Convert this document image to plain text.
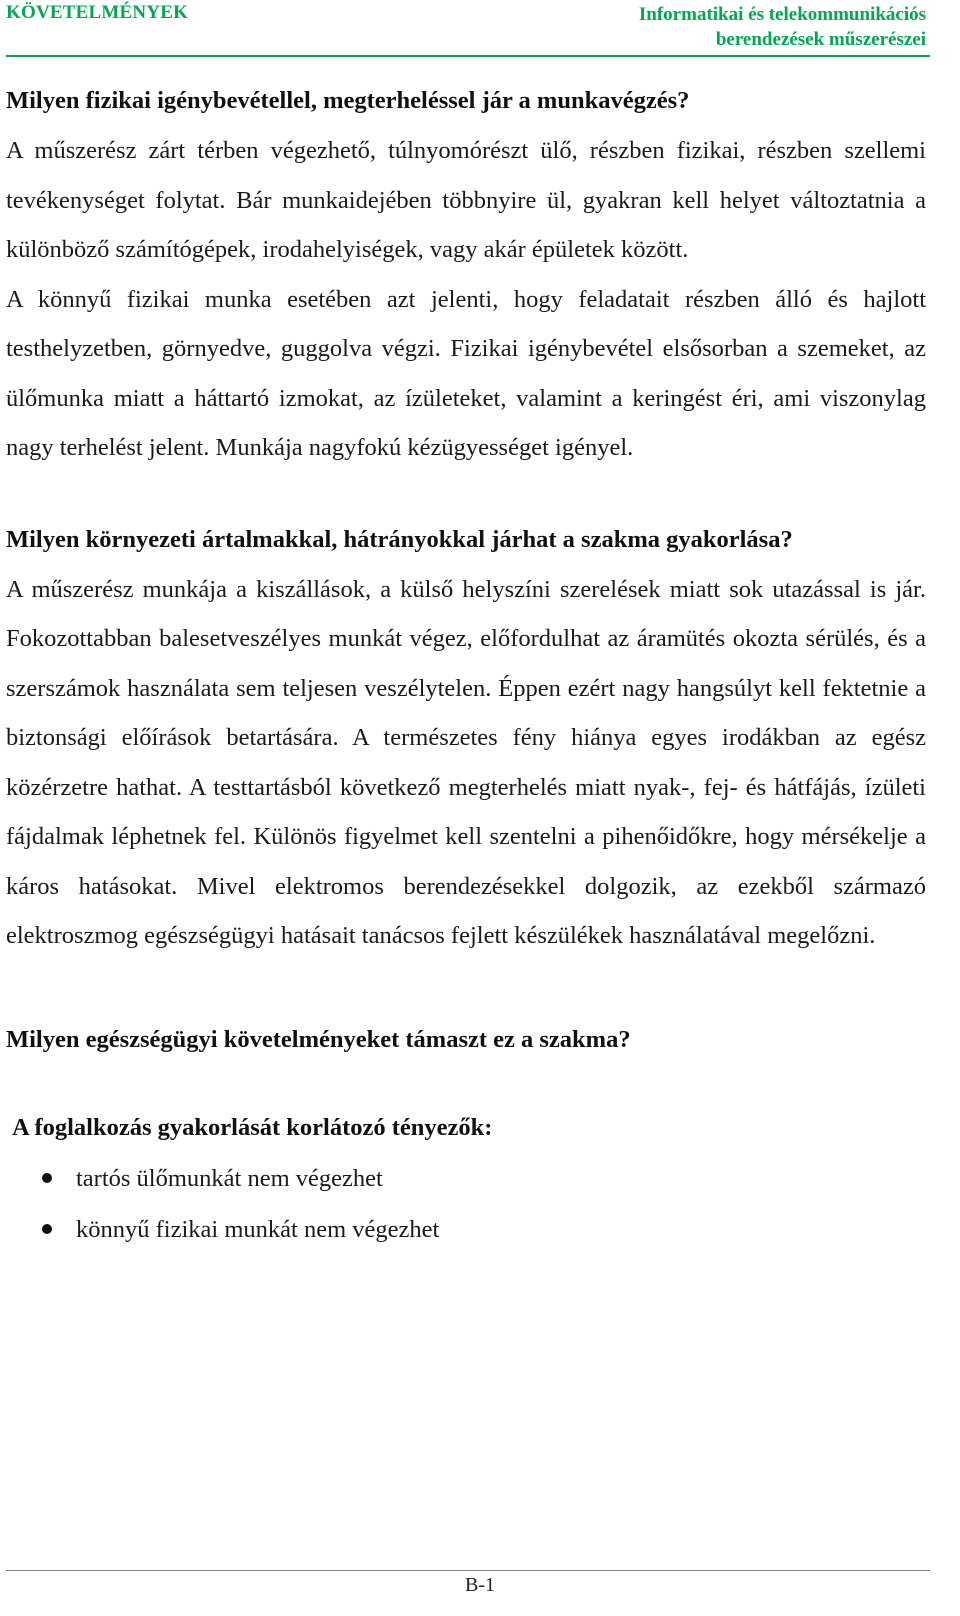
KÖVETELMÉNYEK	Informatikai és telekommunikációs
berendezések műszerészei
Milyen fizikai igénybevétellel, megterheléssel jár a munkavégzés?

A műszerész zárt térben végezhető, túlnyomórészt ülő, részben fizikai, részben szellemi tevékenységet folytat. Bár munkaidejében többnyire ül, gyakran kell helyet változtatnia a különböző számítógépek, irodahelyiségek, vagy akár épületek között.

A könnyű fizikai munka esetében azt jelenti, hogy feladatait részben álló és hajlott testhelyzetben, görnyedve, guggolva végzi. Fizikai igénybevétel elsősorban a szemeket, az ülőmunka miatt a háttartó izmokat, az ízületeket, valamint a keringést éri, ami viszonylag nagy terhelést jelent. Munkája nagyfokú kézügyességet igényel.

Milyen környezeti ártalmakkal, hátrányokkal járhat a szakma gyakorlása?

A műszerész munkája a kiszállások, a külső helyszíni szerelések miatt sok utazással is jár. Fokozottabban balesetveszélyes munkát végez, előfordulhat az áramütés okozta sérülés, és a szerszámok használata sem teljesen veszélytelen. Éppen ezért nagy hangsúlyt kell fektetnie a biztonsági előírások betartására. A természetes fény hiánya egyes irodákban az egész közérzetre hathat. A testtartásból következő megterhelés miatt nyak-, fej- és hátfájás, ízületi fájdalmak léphetnek fel. Különös figyelmet kell szentelni a pihenőidőkre, hogy mérsékelje a káros hatásokat. Mivel elektromos berendezésekkel dolgozik, az ezekből származó elektroszmog egészségügyi hatásait tanácsos fejlett készülékek használatával megelőzni.

Milyen egészségügyi követelményeket támaszt ez a szakma?
A foglalkozás gyakorlását korlátozó tényezők:
tartós ülőmunkát nem végezhet
könnyű fizikai munkát nem végezhet
B-1
